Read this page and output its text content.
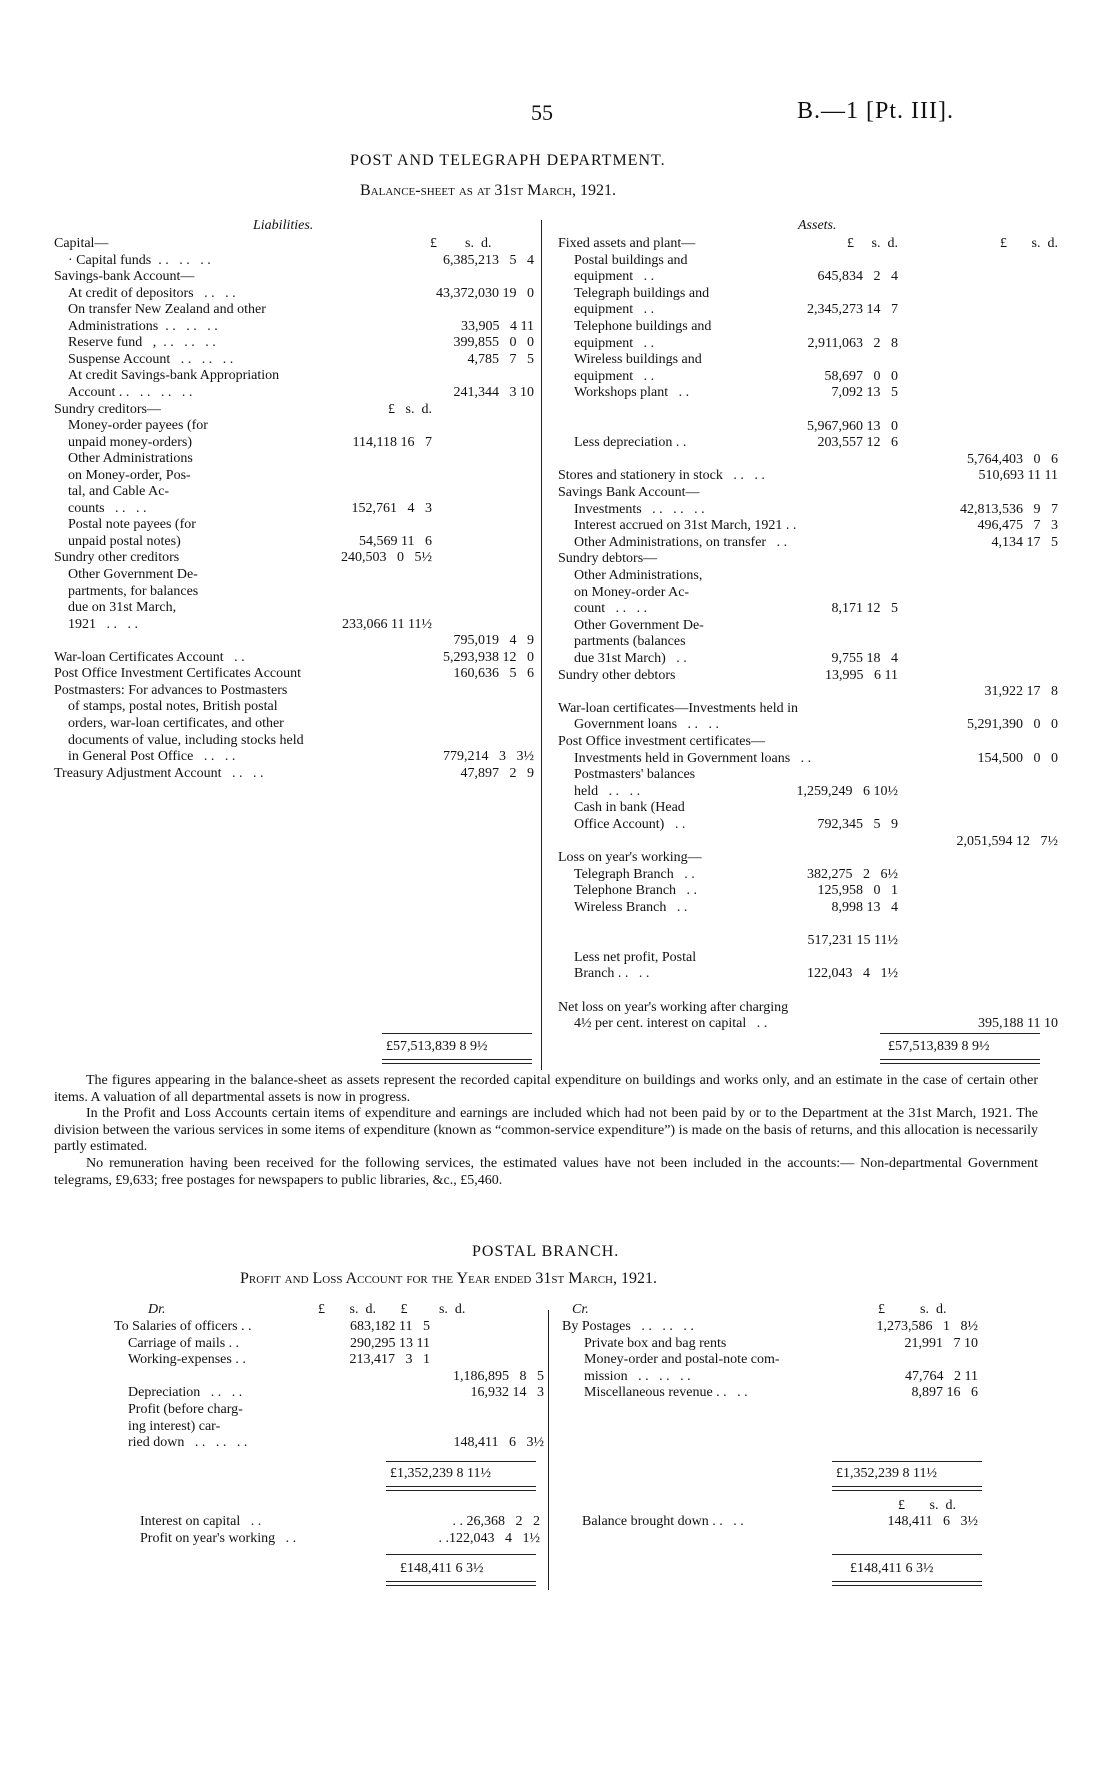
55	B.—1 [Pt. III].
POST AND TELEGRAPH DEPARTMENT.
Balance-sheet as at 31st March, 1921.
Liabilities.	Assets.
£        s.  d.
Capital—
· Capital funds  . .   . .   . .	6,385,213   5   4
Savings-bank Account—
At credit of depositors   . .   . .	43,372,030 19   0
On transfer New Zealand and other
Administrations  . .   . .   . .	33,905   4 11
Reserve fund   ,  . .   . .   . .	399,855   0   0
Suspense Account   . .   . .   . .	4,785   7   5
At credit Savings-bank Appropriation
Account . .   . .   . .   . .	241,344   3 10
Sundry creditors—	£   s.  d.
Money-order payees (for
unpaid money-orders)	114,118 16   7
Other Administrations
on Money-order, Pos-
tal, and Cable Ac-
counts   . .   . .	152,761   4   3
Postal note payees (for
unpaid postal notes)	54,569 11   6
Sundry other creditors	240,503   0   5½
Other Government De-
partments, for balances
due on 31st March,
1921   . .   . .	233,066 11 11½
795,019   4   9
War-loan Certificates Account   . .	5,293,938 12   0
Post Office Investment Certificates Account	160,636   5   6
Postmasters: For advances to Postmasters
of stamps, postal notes, British postal
orders, war-loan certificates, and other
documents of value, including stocks held
in General Post Office   . .   . .	779,214   3   3½
Treasury Adjustment Account   . .   . .	47,897   2   9
Fixed assets and plant—	£     s.  d.	£       s.  d.
Postal buildings and
equipment   . .	645,834   2   4
Telegraph buildings and
equipment   . .	2,345,273 14   7
Telephone buildings and
equipment   . .	2,911,063   2   8
Wireless buildings and
equipment   . .	58,697   0   0
Workshops plant   . .	7,092 13   5
5,967,960 13   0
Less depreciation . .	203,557 12   6
5,764,403   0   6
Stores and stationery in stock   . .   . .	510,693 11 11
Savings Bank Account—
Investments   . .   . .   . .	42,813,536   9   7
Interest accrued on 31st March, 1921 . .	496,475   7   3
Other Administrations, on transfer   . .	4,134 17   5
Sundry debtors—
Other Administrations,
on Money-order Ac-
count   . .   . .	8,171 12   5
Other Government De-
partments (balances
due 31st March)   . .	9,755 18   4
Sundry other debtors	13,995   6 11
31,922 17   8
War-loan certificates—Investments held in
Government loans   . .   . .	5,291,390   0   0
Post Office investment certificates—
Investments held in Government loans   . .	154,500   0   0
Postmasters' balances
held   . .   . .	1,259,249   6 10½
Cash in bank (Head
Office Account)   . .	792,345   5   9
2,051,594 12   7½
Loss on year's working—
Telegraph Branch   . .	382,275   2   6½
Telephone Branch   . .	125,958   0   1
Wireless Branch   . .	8,998 13   4
517,231 15 11½
Less net profit, Postal
Branch . .   . .	122,043   4   1½
Net loss on year's working after charging
4½ per cent. interest on capital   . .	395,188 11 10
£57,513,839 8 9½	£57,513,839 8 9½
The figures appearing in the balance-sheet as assets represent the recorded capital expenditure on buildings and works only, and an estimate in the case of certain other items. A valuation of all departmental assets is now in progress.
In the Profit and Loss Accounts certain items of expenditure and earnings are included which had not been paid by or to the Department at the 31st March, 1921. The division between the various services in some items of expenditure (known as “common-service expenditure”) is made on the basis of returns, and this allocation is necessarily partly estimated.
No remuneration having been received for the following services, the estimated values have not been included in the accounts:— Non-departmental Government telegrams, £9,633; free postages for newspapers to public libraries, &c., £5,460.
POSTAL BRANCH.
Profit and Loss Account for the Year ended 31st March, 1921.
Dr.	£       s.  d.       £         s.  d.	Cr.	£          s.  d.
To Salaries of officers . .	683,182 11   5
Carriage of mails . .	290,295 13 11
Working-expenses . .	213,417   3   1
1,186,895   8   5
Depreciation   . .   . .	16,932 14   3
Profit (before charg-
ing interest) car-
ried down   . .   . .   . .	148,411   6   3½
By Postages   . .   . .   . .	1,273,586   1   8½
Private box and bag rents	21,991   7 10
Money-order and postal-note com-
mission   . .   . .   . .	47,764   2 11
Miscellaneous revenue . .   . .	8,897 16   6
£1,352,239 8 11½	£1,352,239 8 11½
£       s.  d.
Interest on capital   . .	. . 26,368   2   2
Profit on year's working   . .	. .122,043   4   1½
Balance brought down . .   . .	148,411   6   3½
£148,411 6 3½	£148,411 6 3½
